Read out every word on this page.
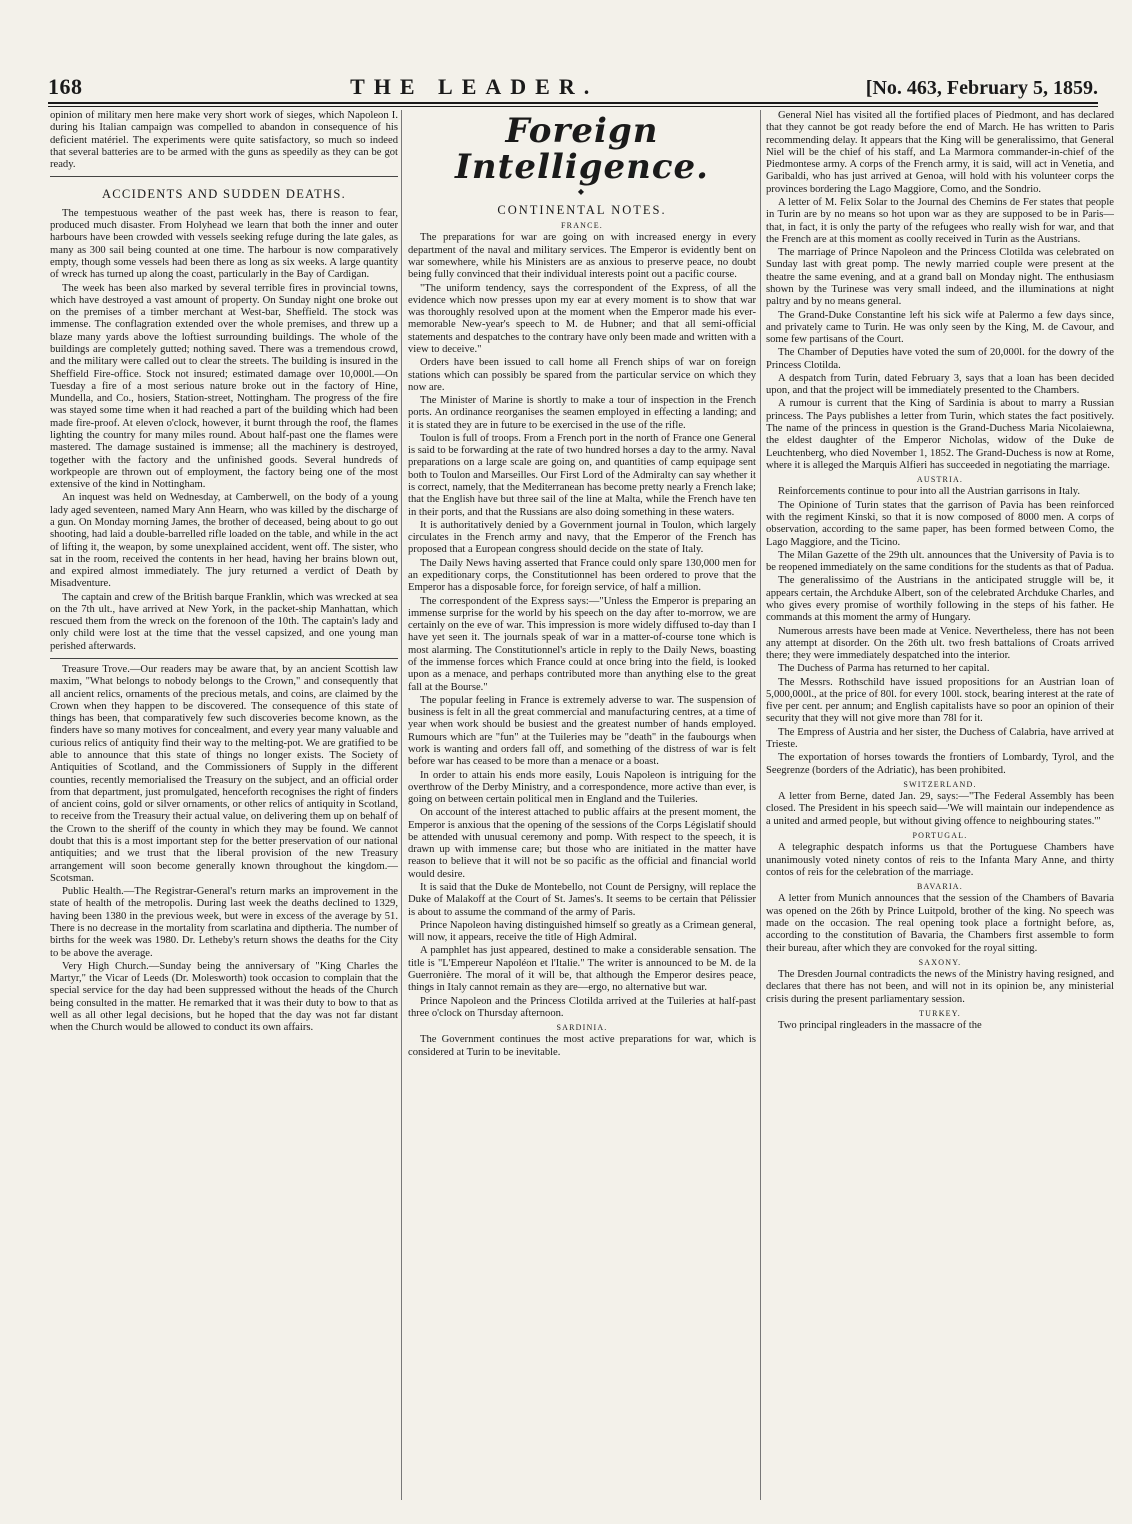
168	THE LEADER.	[No. 463, February 5, 1859.

opinion of military men here make very short work of sieges, which Napoleon I. during his Italian campaign was compelled to abandon in consequence of his deficient matériel. The experiments were quite satisfactory, so much so indeed that several batteries are to be armed with the guns as speedily as they can be got ready.

ACCIDENTS AND SUDDEN DEATHS.

The tempestuous weather of the past week has, there is reason to fear, produced much disaster. From Holyhead we learn that both the inner and outer harbours have been crowded with vessels seeking refuge during the late gales, as many as 300 sail being counted at one time. The harbour is now comparatively empty, though some vessels had been there as long as six weeks. A large quantity of wreck has turned up along the coast, particularly in the Bay of Cardigan.

The week has been also marked by several terrible fires in provincial towns, which have destroyed a vast amount of property. On Sunday night one broke out on the premises of a timber merchant at West-bar, Sheffield. The stock was immense. The conflagration extended over the whole premises, and threw up a blaze many yards above the loftiest surrounding buildings. The whole of the buildings are completely gutted; nothing saved. There was a tremendous crowd, and the military were called out to clear the streets. The building is insured in the Sheffield Fire-office. Stock not insured; estimated damage over 10,000l.—On Tuesday a fire of a most serious nature broke out in the factory of Hine, Mundella, and Co., hosiers, Station-street, Nottingham. The progress of the fire was stayed some time when it had reached a part of the building which had been made fire-proof. At eleven o'clock, however, it burnt through the roof, the flames lighting the country for many miles round. About half-past one the flames were mastered. The damage sustained is immense; all the machinery is destroyed, together with the factory and the unfinished goods. Several hundreds of workpeople are thrown out of employment, the factory being one of the most extensive of the kind in Nottingham.

An inquest was held on Wednesday, at Camberwell, on the body of a young lady aged seventeen, named Mary Ann Hearn, who was killed by the discharge of a gun. On Monday morning James, the brother of deceased, being about to go out shooting, had laid a double-barrelled rifle loaded on the table, and while in the act of lifting it, the weapon, by some unexplained accident, went off. The sister, who sat in the room, received the contents in her head, having her brains blown out, and expired almost immediately. The jury returned a verdict of Death by Misadventure.

The captain and crew of the British barque Franklin, which was wrecked at sea on the 7th ult., have arrived at New York, in the packet-ship Manhattan, which rescued them from the wreck on the forenoon of the 10th. The captain's lady and only child were lost at the time that the vessel capsized, and one young man perished afterwards.

Treasure Trove.—Our readers may be aware that, by an ancient Scottish law maxim, "What belongs to nobody belongs to the Crown," and consequently that all ancient relics, ornaments of the precious metals, and coins, are claimed by the Crown when they happen to be discovered. The consequence of this state of things has been, that comparatively few such discoveries become known, as the finders have so many motives for concealment, and every year many valuable and curious relics of antiquity find their way to the melting-pot. We are gratified to be able to announce that this state of things no longer exists. The Society of Antiquities of Scotland, and the Commissioners of Supply in the different counties, recently memorialised the Treasury on the subject, and an official order from that department, just promulgated, henceforth recognises the right of finders of ancient coins, gold or silver ornaments, or other relics of antiquity in Scotland, to receive from the Treasury their actual value, on delivering them up on behalf of the Crown to the sheriff of the county in which they may be found. We cannot doubt that this is a most important step for the better preservation of our national antiquities; and we trust that the liberal provision of the new Treasury arrangement will soon become generally known throughout the kingdom.—Scotsman.

Public Health.—The Registrar-General's return marks an improvement in the state of health of the metropolis. During last week the deaths declined to 1329, having been 1380 in the previous week, but were in excess of the average by 51. There is no decrease in the mortality from scarlatina and diptheria. The number of births for the week was 1980. Dr. Letheby's return shows the deaths for the City to be above the average.

Very High Church.—Sunday being the anniversary of "King Charles the Martyr," the Vicar of Leeds (Dr. Molesworth) took occasion to complain that the special service for the day had been suppressed without the heads of the Church being consulted in the matter. He remarked that it was their duty to bow to that as well as all other legal decisions, but he hoped that the day was not far distant when the Church would be allowed to conduct its own affairs.

Foreign Intelligence.
◆
CONTINENTAL NOTES.
FRANCE.

The preparations for war are going on with increased energy in every department of the naval and military services. The Emperor is evidently bent on war somewhere, while his Ministers are as anxious to preserve peace, no doubt being fully convinced that their individual interests point out a pacific course.

"The uniform tendency, says the correspondent of the Express, of all the evidence which now presses upon my ear at every moment is to show that war was thoroughly resolved upon at the moment when the Emperor made his ever-memorable New-year's speech to M. de Hubner; and that all semi-official statements and despatches to the contrary have only been made and written with a view to deceive."

Orders have been issued to call home all French ships of war on foreign stations which can possibly be spared from the particular service on which they now are.

The Minister of Marine is shortly to make a tour of inspection in the French ports. An ordinance reorganises the seamen employed in effecting a landing; and it is stated they are in future to be exercised in the use of the rifle.

Toulon is full of troops. From a French port in the north of France one General is said to be forwarding at the rate of two hundred horses a day to the army. Naval preparations on a large scale are going on, and quantities of camp equipage sent both to Toulon and Marseilles. Our First Lord of the Admiralty can say whether it is correct, namely, that the Mediterranean has become pretty nearly a French lake; that the English have but three sail of the line at Malta, while the French have ten in their ports, and that the Russians are also doing something in these waters.

It is authoritatively denied by a Government journal in Toulon, which largely circulates in the French army and navy, that the Emperor of the French has proposed that a European congress should decide on the state of Italy.

The Daily News having asserted that France could only spare 130,000 men for an expeditionary corps, the Constitutionnel has been ordered to prove that the Emperor has a disposable force, for foreign service, of half a million.

The correspondent of the Express says:—"Unless the Emperor is preparing an immense surprise for the world by his speech on the day after to-morrow, we are certainly on the eve of war. This impression is more widely diffused to-day than I have yet seen it. The journals speak of war in a matter-of-course tone which is most alarming. The Constitutionnel's article in reply to the Daily News, boasting of the immense forces which France could at once bring into the field, is looked upon as a menace, and perhaps contributed more than anything else to the great fall at the Bourse."

The popular feeling in France is extremely adverse to war. The suspension of business is felt in all the great commercial and manufacturing centres, at a time of year when work should be busiest and the greatest number of hands employed. Rumours which are "fun" at the Tuileries may be "death" in the faubourgs when work is wanting and orders fall off, and something of the distress of war is felt before war has ceased to be more than a menace or a boast.

In order to attain his ends more easily, Louis Napoleon is intriguing for the overthrow of the Derby Ministry, and a correspondence, more active than ever, is going on between certain political men in England and the Tuileries.

On account of the interest attached to public affairs at the present moment, the Emperor is anxious that the opening of the sessions of the Corps Législatif should be attended with unusual ceremony and pomp. With respect to the speech, it is drawn up with immense care; but those who are initiated in the matter have reason to believe that it will not be so pacific as the official and financial world would desire.

It is said that the Duke de Montebello, not Count de Persigny, will replace the Duke of Malakoff at the Court of St. James's. It seems to be certain that Pélissier is about to assume the command of the army of Paris.

Prince Napoleon having distinguished himself so greatly as a Crimean general, will now, it appears, receive the title of High Admiral.

A pamphlet has just appeared, destined to make a considerable sensation. The title is "L'Empereur Napoléon et l'Italie." The writer is announced to be M. de la Guerronière. The moral of it will be, that although the Emperor desires peace, things in Italy cannot remain as they are—ergo, no alternative but war.

Prince Napoleon and the Princess Clotilda arrived at the Tuileries at half-past three o'clock on Thursday afternoon.

SARDINIA.

The Government continues the most active preparations for war, which is considered at Turin to be inevitable.

General Niel has visited all the fortified places of Piedmont, and has declared that they cannot be got ready before the end of March. He has written to Paris recommending delay. It appears that the King will be generalissimo, that General Niel will be the chief of his staff, and La Marmora commander-in-chief of the Piedmontese army. A corps of the French army, it is said, will act in Venetia, and Garibaldi, who has just arrived at Genoa, will hold with his volunteer corps the provinces bordering the Lago Maggiore, Como, and the Sondrio.

A letter of M. Felix Solar to the Journal des Chemins de Fer states that people in Turin are by no means so hot upon war as they are supposed to be in Paris—that, in fact, it is only the party of the refugees who really wish for war, and that the French are at this moment as coolly received in Turin as the Austrians.

The marriage of Prince Napoleon and the Princess Clotilda was celebrated on Sunday last with great pomp. The newly married couple were present at the theatre the same evening, and at a grand ball on Monday night. The enthusiasm shown by the Turinese was very small indeed, and the illuminations at night paltry and by no means general.

The Grand-Duke Constantine left his sick wife at Palermo a few days since, and privately came to Turin. He was only seen by the King, M. de Cavour, and some few partisans of the Court.

The Chamber of Deputies have voted the sum of 20,000l. for the dowry of the Princess Clotilda.

A despatch from Turin, dated February 3, says that a loan has been decided upon, and that the project will be immediately presented to the Chambers.

A rumour is current that the King of Sardinia is about to marry a Russian princess. The Pays publishes a letter from Turin, which states the fact positively. The name of the princess in question is the Grand-Duchess Maria Nicolaiewna, the eldest daughter of the Emperor Nicholas, widow of the Duke de Leuchtenberg, who died November 1, 1852. The Grand-Duchess is now at Rome, where it is alleged the Marquis Alfieri has succeeded in negotiating the marriage.

AUSTRIA.

Reinforcements continue to pour into all the Austrian garrisons in Italy.

The Opinione of Turin states that the garrison of Pavia has been reinforced with the regiment Kinski, so that it is now composed of 8000 men. A corps of observation, according to the same paper, has been formed between Como, the Lago Maggiore, and the Ticino.

The Milan Gazette of the 29th ult. announces that the University of Pavia is to be reopened immediately on the same conditions for the students as that of Padua.

The generalissimo of the Austrians in the anticipated struggle will be, it appears certain, the Archduke Albert, son of the celebrated Archduke Charles, and who gives every promise of worthily following in the steps of his father. He commands at this moment the army of Hungary.

Numerous arrests have been made at Venice. Nevertheless, there has not been any attempt at disorder. On the 26th ult. two fresh battalions of Croats arrived there; they were immediately despatched into the interior.

The Duchess of Parma has returned to her capital.

The Messrs. Rothschild have issued propositions for an Austrian loan of 5,000,000l., at the price of 80l. for every 100l. stock, bearing interest at the rate of five per cent. per annum; and English capitalists have so poor an opinion of their security that they will not give more than 78l for it.

The Empress of Austria and her sister, the Duchess of Calabria, have arrived at Trieste.

The exportation of horses towards the frontiers of Lombardy, Tyrol, and the Seegrenze (borders of the Adriatic), has been prohibited.

SWITZERLAND.

A letter from Berne, dated Jan. 29, says:—"The Federal Assembly has been closed. The President in his speech said—'We will maintain our independence as a united and armed people, but without giving offence to neighbouring states.'"

PORTUGAL.

A telegraphic despatch informs us that the Portuguese Chambers have unanimously voted ninety contos of reis to the Infanta Mary Anne, and thirty contos of reis for the celebration of the marriage.

BAVARIA.

A letter from Munich announces that the session of the Chambers of Bavaria was opened on the 26th by Prince Luitpold, brother of the king. No speech was made on the occasion. The real opening took place a fortnight before, as, according to the constitution of Bavaria, the Chambers first assemble to form their bureau, after which they are convoked for the royal sitting.

SAXONY.

The Dresden Journal contradicts the news of the Ministry having resigned, and declares that there has not been, and will not in its opinion be, any ministerial crisis during the present parliamentary session.

TURKEY.

Two principal ringleaders in the massacre of the
